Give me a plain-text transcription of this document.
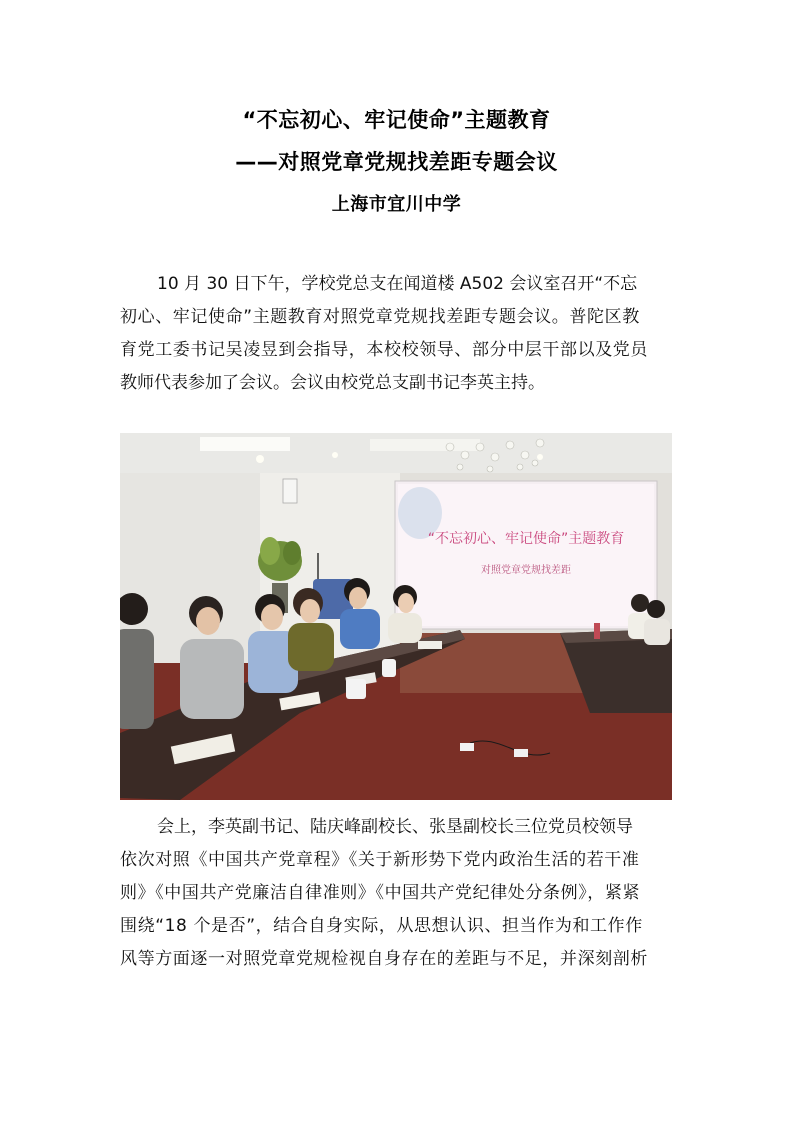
“不忘初心、牢记使命”主题教育
——对照党章党规找差距专题会议
上海市宜川中学
10 月 30 日下午，学校党总支在闻道楼 A502 会议室召开“不忘
初心、牢记使命”主题教育对照党章党规找差距专题会议。普陀区教
育党工委书记吴凌昱到会指导，本校校领导、部分中层干部以及党员
教师代表参加了会议。会议由校党总支副书记李英主持。
“不忘初心、牢记使命”主题教育
对照党章党规找差距
会上，李英副书记、陆庆峰副校长、张垦副校长三位党员校领导
依次对照《中国共产党章程》《关于新形势下党内政治生活的若干准
则》《中国共产党廉洁自律准则》《中国共产党纪律处分条例》，紧紧
围绕“18 个是否”，结合自身实际，从思想认识、担当作为和工作作
风等方面逐一对照党章党规检视自身存在的差距与不足，并深刻剖析
